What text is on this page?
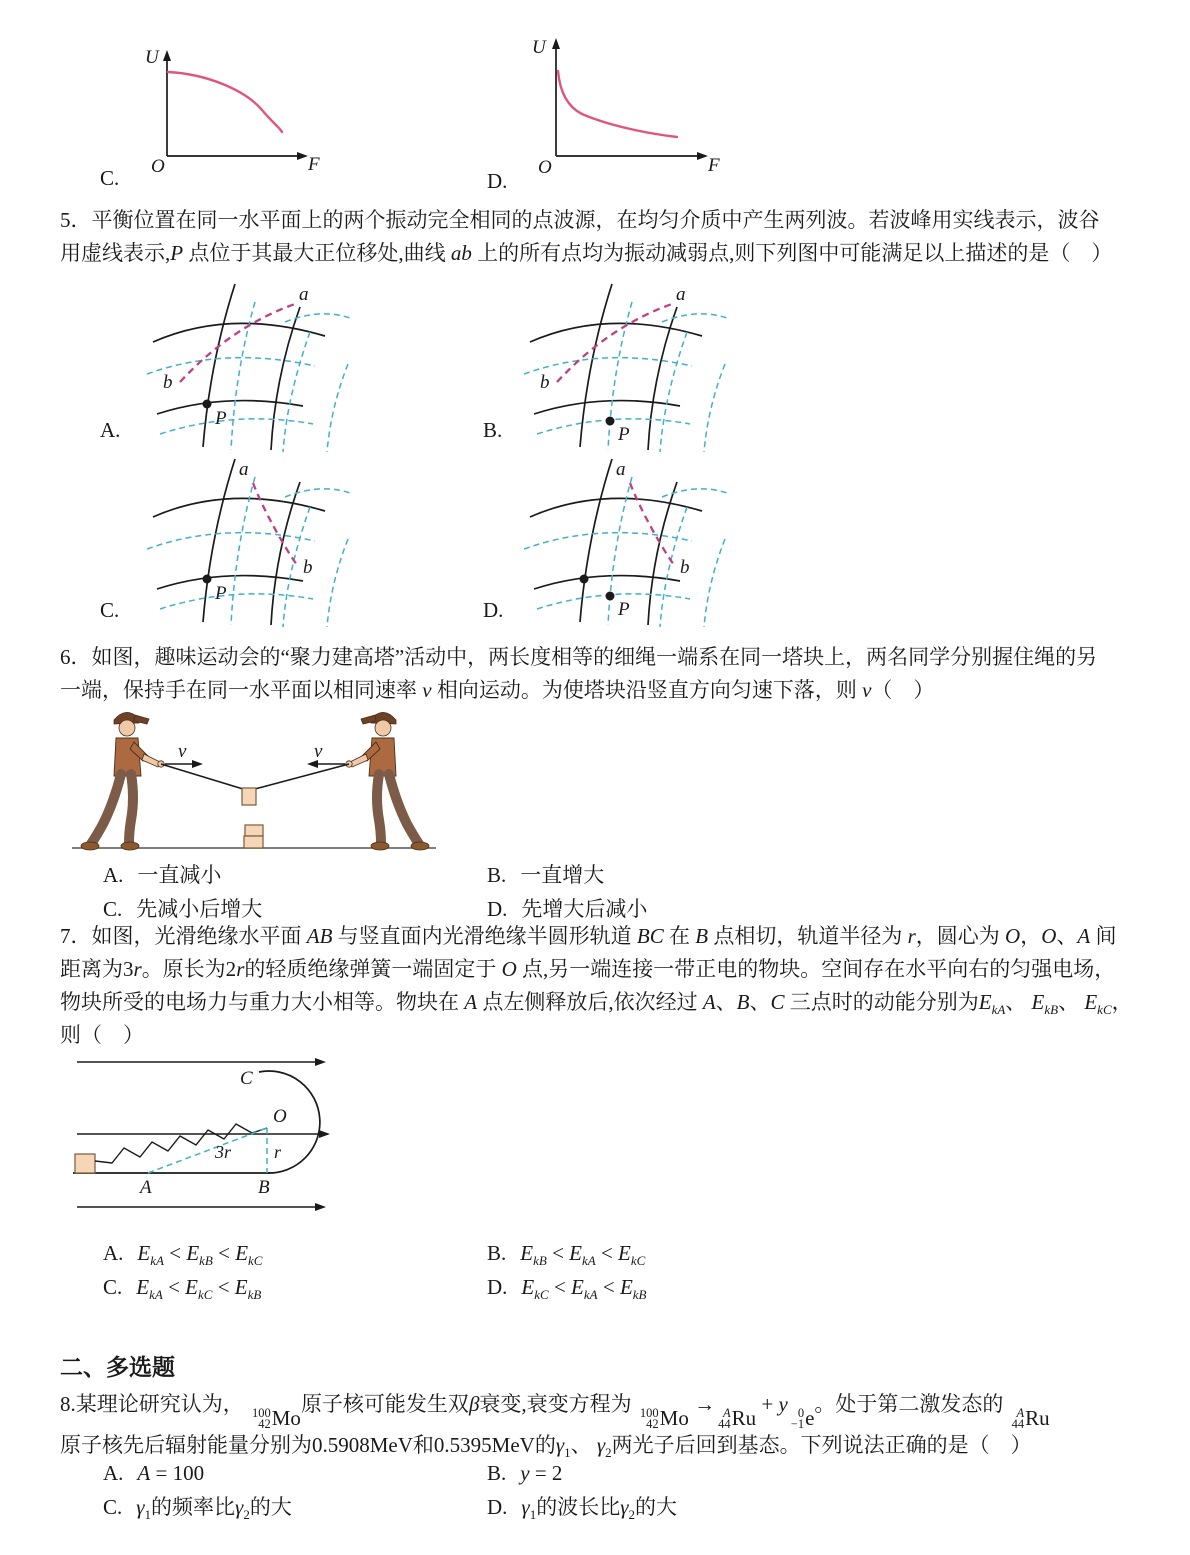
U
F
O
C.
U
F
O
D.
5．平衡位置在同一水平面上的两个振动完全相同的点波源，在均匀介质中产生两列波。若波峰用实线表示，波谷
用虚线表示,P 点位于其最大正位移处,曲线 ab 上的所有点均为振动减弱点,则下列图中可能满足以上描述的是（　）
a
b
P
A.
a
b
P
B.
a
b
P
C.
a
b
P
D.
6．如图，趣味运动会的“聚力建高塔”活动中，两长度相等的细绳一端系在同一塔块上，两名同学分别握住绳的另
一端，保持手在同一水平面以相同速率 v 相向运动。为使塔块沿竖直方向匀速下落，则 v（　）
v	v
A. 一直减小	B. 一直增大
C. 先减小后增大	D. 先增大后减小
7．如图，光滑绝缘水平面 AB 与竖直面内光滑绝缘半圆形轨道 BC 在 B 点相切，轨道半径为 r，圆心为 O，O、A 间
距离为3r。原长为2r的轻质绝缘弹簧一端固定于 O 点,另一端连接一带正电的物块。空间存在水平向右的匀强电场，
物块所受的电场力与重力大小相等。物块在 A 点左侧释放后,依次经过 A、B、C 三点时的动能分别为$E_{kA}$、 $E_{kB}$、 $E_{kC}$，
则（　）
C
O
A	B
3r r
A. $E_{kA} < E_{kB} < E_{kC}$	B. $E_{kB} < E_{kA} < E_{kC}$
C. $E_{kA} < E_{kC} < E_{kB}$	D. $E_{kC} < E_{kA} < E_{kB}$
二、多选题
8.某理论研究认为， 100
42 Mo
原子核可能发生双β衰变,衰变方程为 100
42 Mo
→ A
44 Ru
+ y 0
−1 e
。处于第二激发态的 A
44 Ru
原子核先后辐射能量分别为0.5908MeV和0.5395MeV的$\gamma_1$、 $\gamma_2$两光子后回到基态。下列说法正确的是（　）
A. A = 100	B. y = 2
C. $\gamma_1$的频率比$\gamma_2$的大	D. $\gamma_1$的波长比$\gamma_2$的大
